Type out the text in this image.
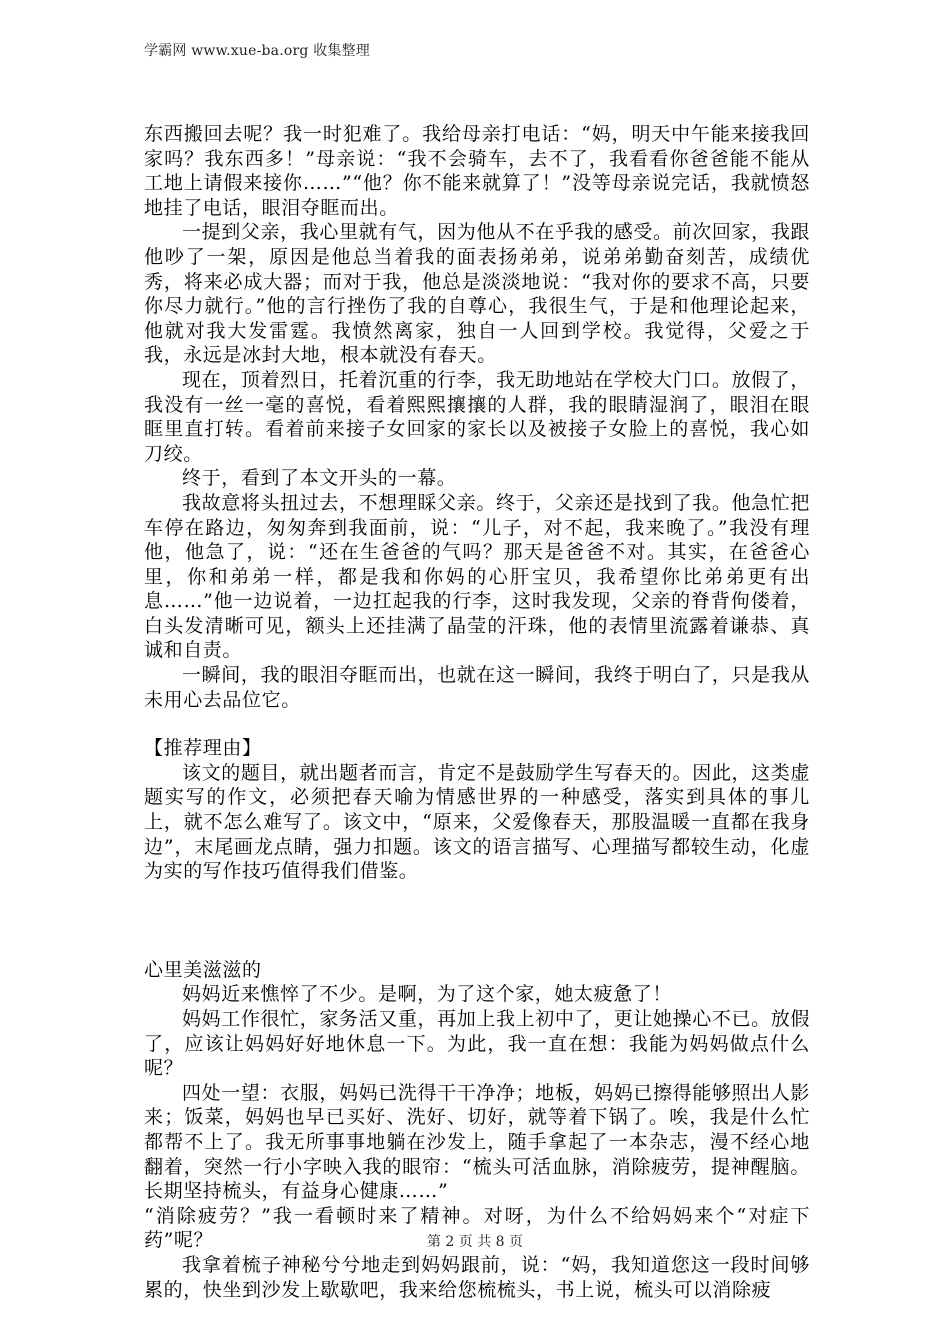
学霸网 www.xue-ba.org 收集整理

东西搬回去呢？我一时犯难了。我给母亲打电话：“妈，明天中午能来接我回家吗？我东西多！”母亲说：“我不会骑车，去不了，我看看你爸爸能不能从工地上请假来接你……”“他？你不能来就算了！”没等母亲说完话，我就愤怒地挂了电话，眼泪夺眶而出。

一提到父亲，我心里就有气，因为他从不在乎我的感受。前次回家，我跟他吵了一架，原因是他总当着我的面表扬弟弟，说弟弟勤奋刻苦，成绩优秀，将来必成大器；而对于我，他总是淡淡地说：“我对你的要求不高，只要你尽力就行。”他的言行挫伤了我的自尊心，我很生气，于是和他理论起来，他就对我大发雷霆。我愤然离家，独自一人回到学校。我觉得，父爱之于我，永远是冰封大地，根本就没有春天。

现在，顶着烈日，托着沉重的行李，我无助地站在学校大门口。放假了，我没有一丝一毫的喜悦，看着熙熙攘攘的人群，我的眼睛湿润了，眼泪在眼眶里直打转。看着前来接子女回家的家长以及被接子女脸上的喜悦，我心如刀绞。

终于，看到了本文开头的一幕。

我故意将头扭过去，不想理睬父亲。终于，父亲还是找到了我。他急忙把车停在路边，匆匆奔到我面前，说：“儿子，对不起，我来晚了。”我没有理他，他急了，说：“还在生爸爸的气吗？那天是爸爸不对。其实，在爸爸心里，你和弟弟一样，都是我和你妈的心肝宝贝，我希望你比弟弟更有出息……”他一边说着，一边扛起我的行李，这时我发现，父亲的脊背佝偻着，白头发清晰可见，额头上还挂满了晶莹的汗珠，他的表情里流露着谦恭、真诚和自责。

一瞬间，我的眼泪夺眶而出，也就在这一瞬间，我终于明白了，只是我从未用心去品位它。

【推荐理由】

该文的题目，就出题者而言，肯定不是鼓励学生写春天的。因此，这类虚题实写的作文，必须把春天喻为情感世界的一种感受，落实到具体的事儿上，就不怎么难写了。该文中，“原来，父爱像春天，那股温暖一直都在我身边”，末尾画龙点睛，强力扣题。该文的语言描写、心理描写都较生动，化虚为实的写作技巧值得我们借鉴。

心里美滋滋的

妈妈近来憔悴了不少。是啊，为了这个家，她太疲惫了！

妈妈工作很忙，家务活又重，再加上我上初中了，更让她操心不已。放假了，应该让妈妈好好地休息一下。为此，我一直在想：我能为妈妈做点什么呢？

四处一望：衣服，妈妈已洗得干干净净；地板，妈妈已擦得能够照出人影来；饭菜，妈妈也早已买好、洗好、切好，就等着下锅了。唉，我是什么忙都帮不上了。我无所事事地躺在沙发上，随手拿起了一本杂志，漫不经心地翻着，突然一行小字映入我的眼帘：“梳头可活血脉，消除疲劳，提神醒脑。长期坚持梳头，有益身心健康……”

“消除疲劳？”我一看顿时来了精神。对呀，为什么不给妈妈来个“对症下药”呢？

我拿着梳子神秘兮兮地走到妈妈跟前，说：“妈，我知道您这一段时间够累的，快坐到沙发上歇歇吧，我来给您梳梳头，书上说，梳头可以消除疲

第 2 页 共 8 页
